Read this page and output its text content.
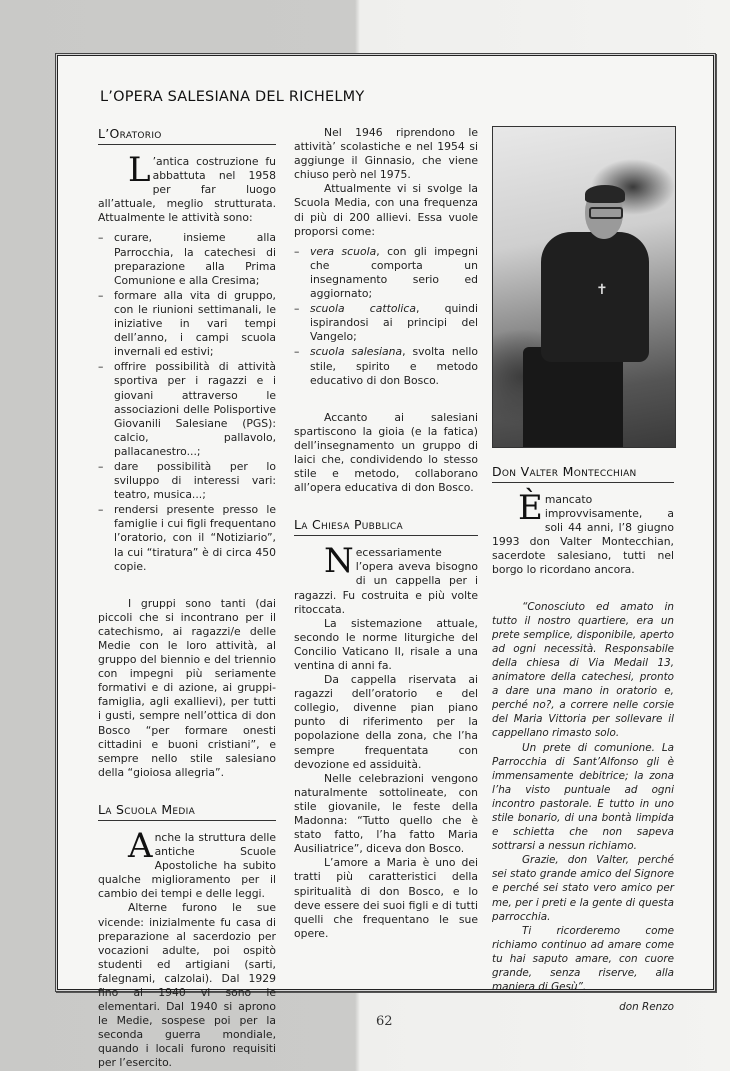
L’OPERA SALESIANA DEL RICHELMY
L’Oratorio

L ’antica costruzione fu abbattuta nel 1958 per far luogo all’attuale, meglio strutturata. Attualmente le attività sono:

– curare, insieme alla Parrocchia, la catechesi di preparazione alla Prima Comunione e alla Cresima;
– formare alla vita di gruppo, con le riunioni settimanali, le iniziative in vari tempi dell’anno, i campi scuola invernali ed estivi;
– offrire possibilità di attività sportiva per i ragazzi e i giovani attraverso le associazioni delle Polisportive Giovanili Salesiane (PGS): calcio, pallavolo, pallacanestro...;
– dare possibilità per lo sviluppo di interessi vari: teatro, musica...;
– rendersi presente presso le famiglie i cui figli frequentano l’oratorio, con il “Notiziario”, la cui “tiratura” è di circa 450 copie.

I gruppi sono tanti (dai piccoli che si incontrano per il catechismo, ai ragazzi/e delle Medie con le loro attività, al gruppo del biennio e del triennio con impegni più seriamente formativi e di azione, ai gruppi-famiglia, agli exallievi), per tutti i gusti, sempre nell’ottica di don Bosco “per formare onesti cittadini e buoni cristiani”, e sempre nello stile salesiano della “gioiosa allegria”.

La Scuola Media

Anche la struttura delle antiche Scuole Apostoliche ha subito qualche miglioramento per il cambio dei tempi e delle leggi.

Alterne furono le sue vicende: inizialmente fu casa di preparazione al sacerdozio per vocazioni adulte, poi ospitò studenti ed artigiani (sarti, falegnami, calzolai). Dal 1929 fino al 1940 vi sono le elementari. Dal 1940 si aprono le Medie, sospese poi per la seconda guerra mondiale, quando i locali furono requisiti per l’esercito.

Nel 1946 riprendono le attività’ scolastiche e nel 1954 si aggiunge il Ginnasio, che viene chiuso però nel 1975.

Attualmente vi si svolge la Scuola Media, con una frequenza di più di 200 allievi. Essa vuole proporsi come:

– vera scuola, con gli impegni che comporta un insegnamento serio ed aggiornato;
– scuola cattolica, quindi ispirandosi ai principi del Vangelo;
– scuola salesiana, svolta nello stile, spirito e metodo educativo di don Bosco.

Accanto ai salesiani spartiscono la gioia (e la fatica) dell’insegnamento un gruppo di laici che, condividendo lo stesso stile e metodo, collaborano all’opera educativa di don Bosco.

La Chiesa Pubblica

Necessariamente l’opera aveva bisogno di un cappella per i ragazzi. Fu costruita e più volte ritoccata.

La sistemazione attuale, secondo le norme liturgiche del Concilio Vaticano II, risale a una ventina di anni fa.

Da cappella riservata ai ragazzi dell’oratorio e del collegio, divenne pian piano punto di riferimento per la popolazione della zona, che l’ha sempre frequentata con devozione ed assiduità.

Nelle celebrazioni vengono naturalmente sottolineate, con stile giovanile, le feste della Madonna: “Tutto quello che è stato fatto, l’ha fatto Maria Ausiliatrice”, diceva don Bosco.

L’amore a Maria è uno dei tratti più caratteristici della spiritualità di don Bosco, e lo deve essere dei suoi figli e di tutti quelli che frequentano le sue opere.

✝
Don Valter Montecchian

Èmancato improvvisamente, a soli 44 anni, l’8 giugno 1993 don Valter Montecchian, sacerdote salesiano, tutti nel borgo lo ricordano ancora.

“Conosciuto ed amato in tutto il nostro quartiere, era un prete semplice, disponibile, aperto ad ogni necessità. Responsabile della chiesa di Via Medail 13, animatore della catechesi, pronto a dare una mano in oratorio e, perché no?, a correre nelle corsie del Maria Vittoria per sollevare il cappellano rimasto solo.

Un prete di comunione. La Parrocchia di Sant’Alfonso gli è immensamente debitrice; la zona l’ha visto puntuale ad ogni incontro pastorale. E tutto in uno stile bonario, di una bontà limpida e schietta che non sapeva sottrarsi a nessun richiamo.

Grazie, don Valter, perché sei stato grande amico del Signore e perché sei stato vero amico per me, per i preti e la gente di questa parrocchia.

Ti ricorderemo come richiamo continuo ad amare come tu hai saputo amare, con cuore grande, senza riserve, alla maniera di Gesù”.

don Renzo

62
